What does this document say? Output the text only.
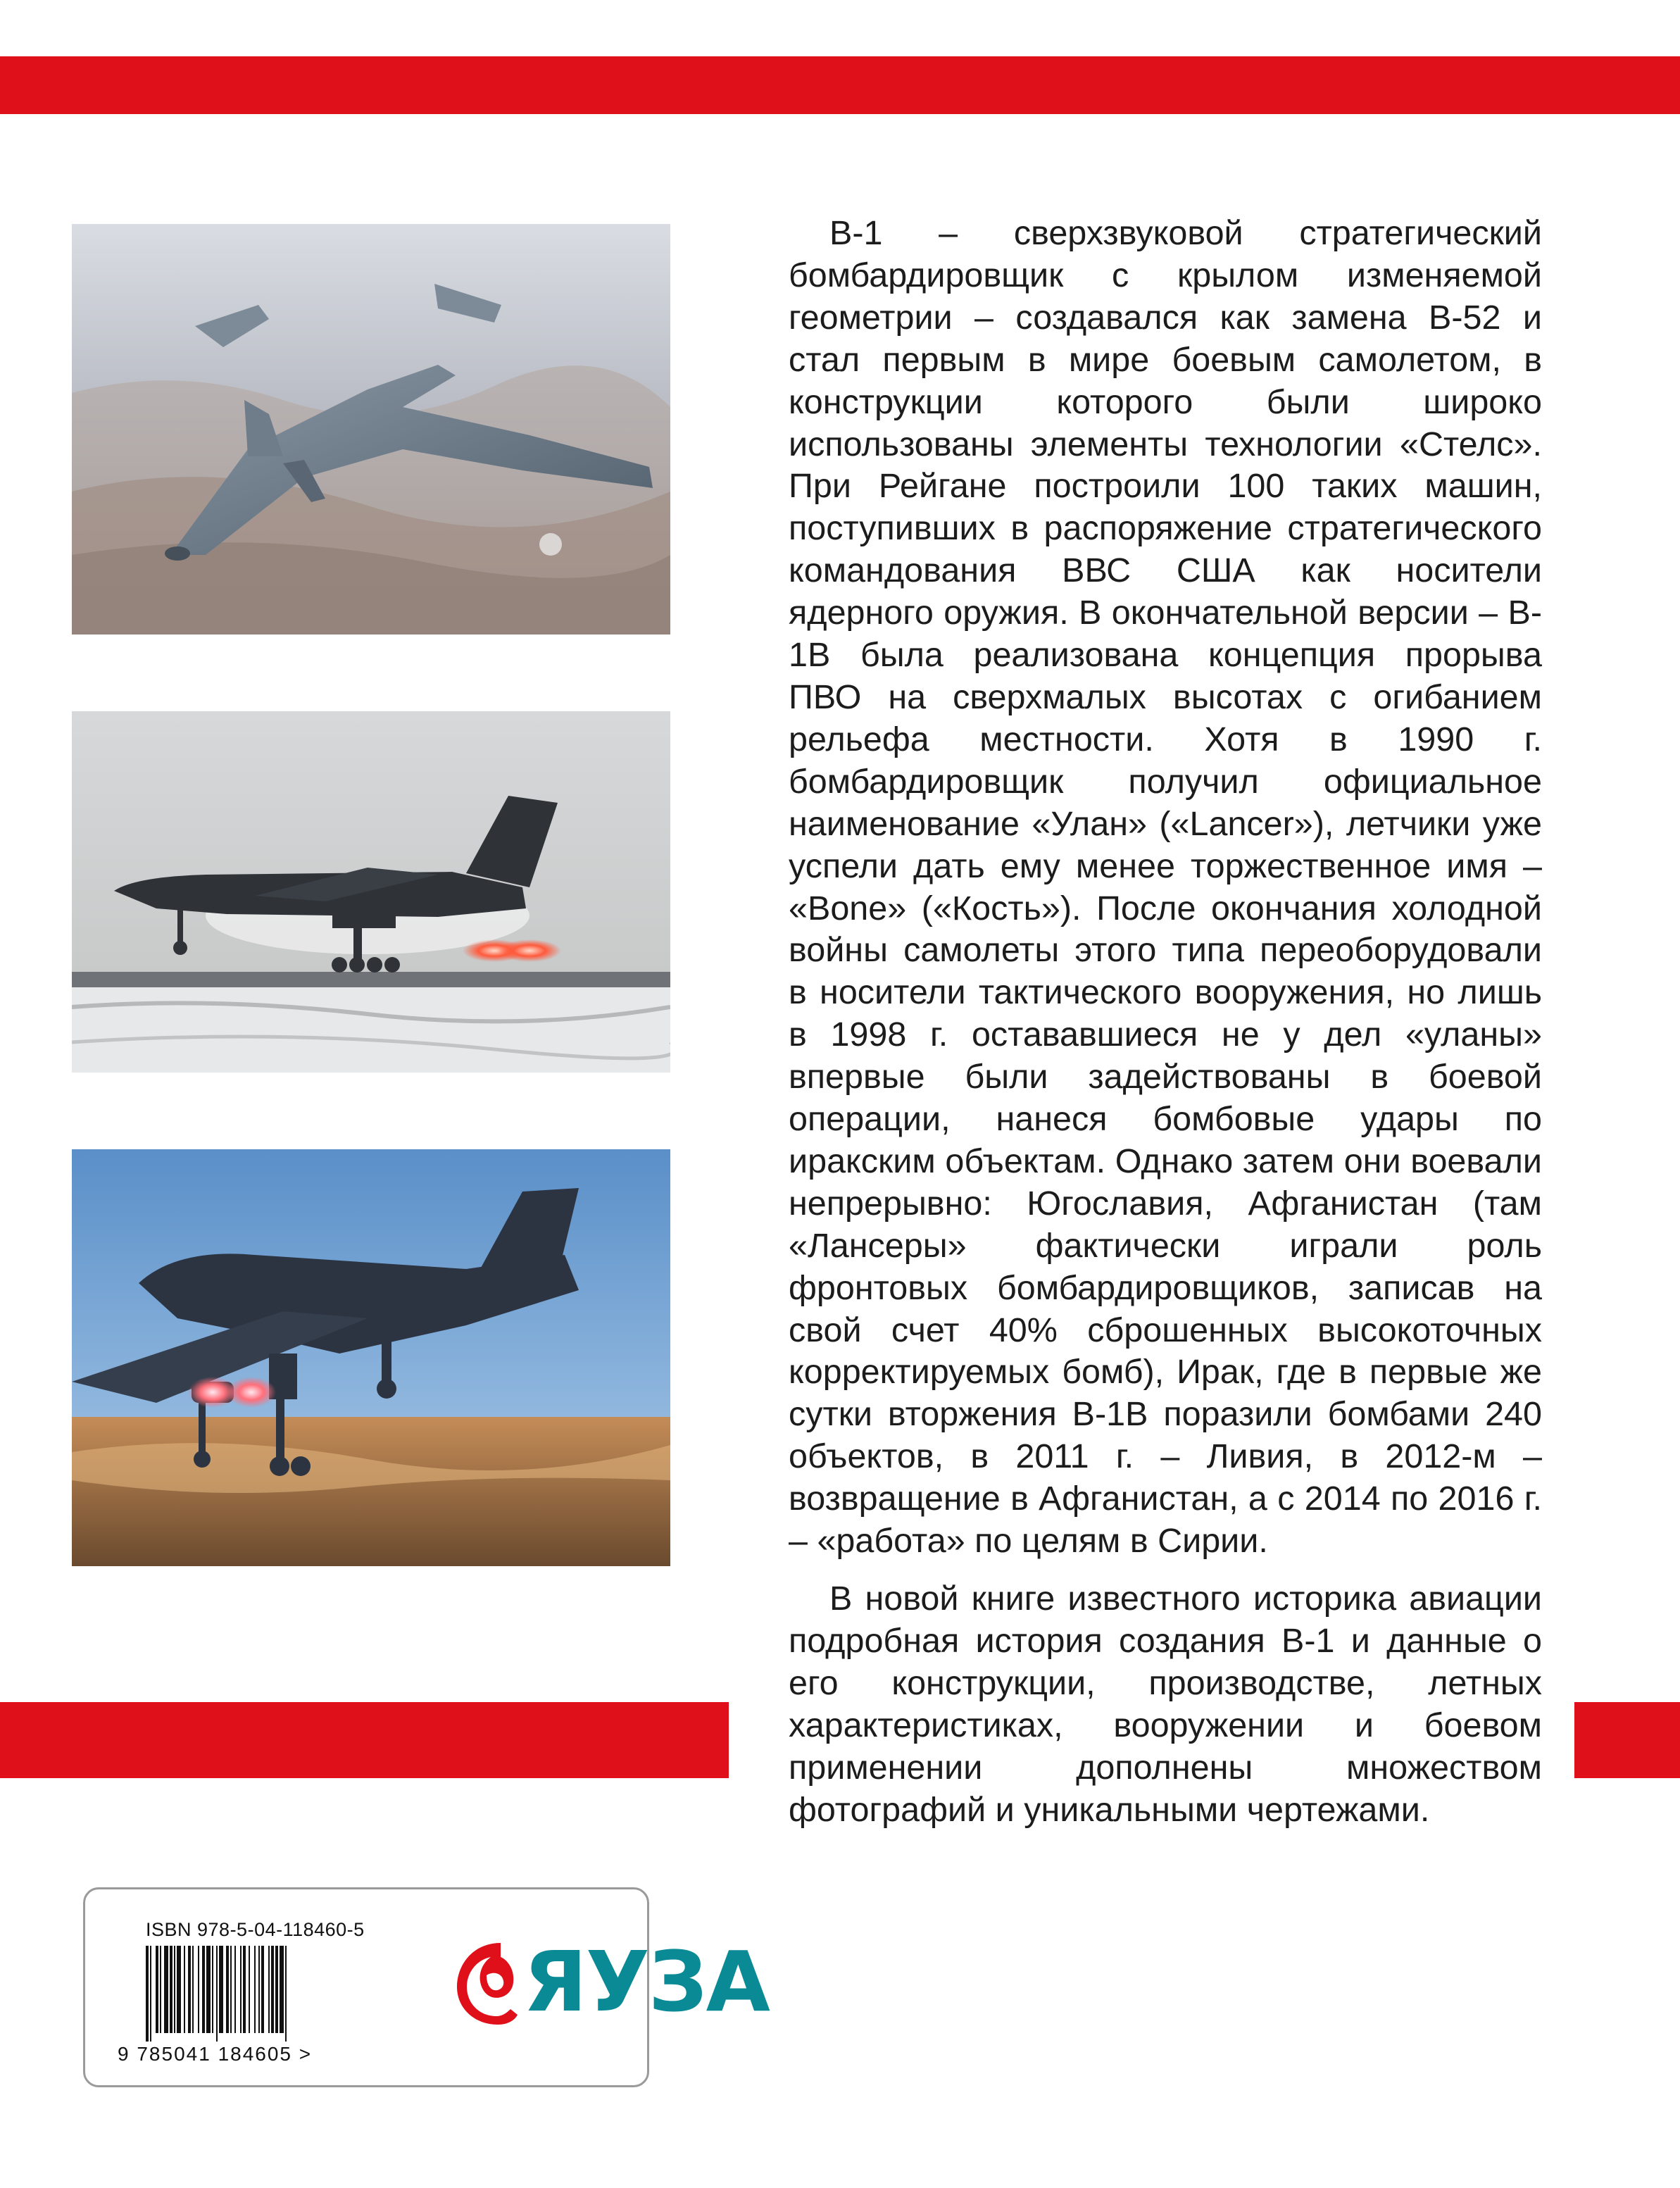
B-1 – сверхзвуковой стратегический бомбардировщик с крылом изменяемой геометрии – создавался как замена B-52 и стал первым в мире боевым самолетом, в конструкции которого были широко использованы элементы технологии «Стелс». При Рейгане построили 100 таких машин, поступивших в распоряжение стратегического командования ВВС США как носители ядерного оружия. В окончательной версии – B-1B была реализована концепция прорыва ПВО на сверхмалых высотах с огибанием рельефа местности. Хотя в 1990 г. бомбардировщик получил официальное наименование «Улан» («Lancer»), летчики уже успели дать ему менее торжественное имя – «Bone» («Кость»). После окончания холодной войны самолеты этого типа переоборудовали в носители тактического вооружения, но лишь в 1998 г. остававшиеся не у дел «уланы» впервые были задействованы в боевой операции, нанеся бомбовые удары по иракским объектам. Однако затем они воевали непрерывно: Югославия, Афганистан (там «Лансеры» фактически играли роль фронтовых бомбардировщиков, записав на свой счет 40% сброшенных высокоточных корректируемых бомб), Ирак, где в первые же сутки вторжения B-1B поразили бомбами 240 объектов, в 2011 г. – Ливия, в 2012-м – возвращение в Афганистан, а с 2014 по 2016 г. – «работа» по целям в Сирии.

В новой книге известного историка авиации подробная история создания B-1 и данные о его конструкции, производстве, летных характеристиках, вооружении и боевом применении дополнены множеством фотографий и уникальными чертежами.

ISBN 978-5-04-118460-5
9 785041 184605 >
ЯУЗА
